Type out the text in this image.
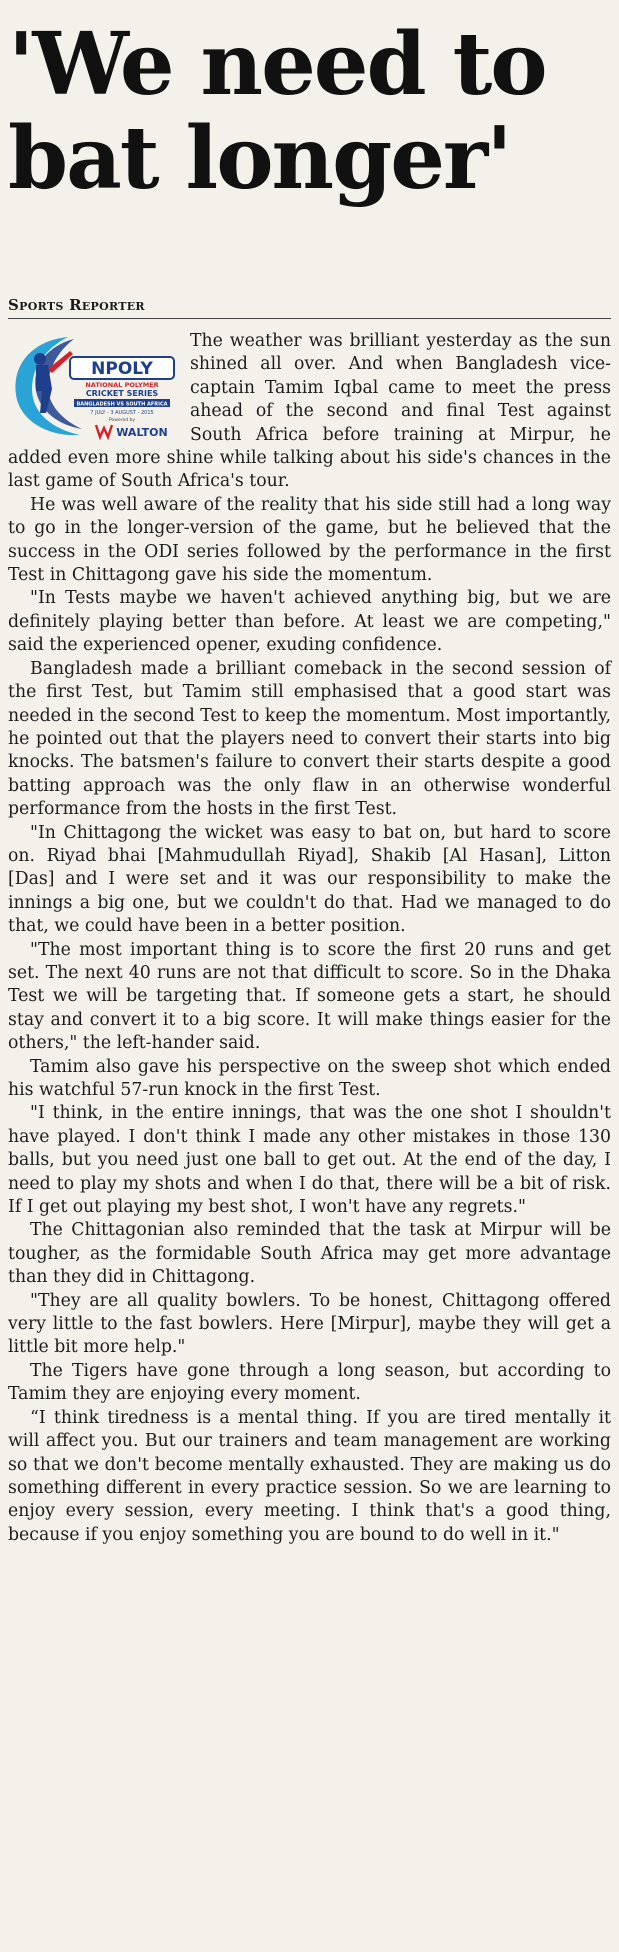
'We need to bat longer'
Sports Reporter
NPOLY
NATIONAL POLYMER
CRICKET SERIES
BANGLADESH VS SOUTH AFRICA
7 JULY - 3 AUGUST - 2015
Powered by
WALTON

The weather was brilliant yesterday as the sun shined all over. And when Bangladesh vice-captain Tamim Iqbal came to meet the press ahead of the second and final Test against South Africa before training at Mirpur, he added even more shine while talking about his side's chances in the last game of South Africa's tour.

He was well aware of the reality that his side still had a long way to go in the longer-version of the game, but he believed that the success in the ODI series followed by the performance in the first Test in Chittagong gave his side the momentum.

"In Tests maybe we haven't achieved anything big, but we are definitely playing better than before. At least we are competing," said the experienced opener, exuding confidence.

Bangladesh made a brilliant comeback in the second session of the first Test, but Tamim still emphasised that a good start was needed in the second Test to keep the momentum. Most importantly, he pointed out that the players need to convert their starts into big knocks. The batsmen's failure to convert their starts despite a good batting approach was the only flaw in an otherwise wonderful performance from the hosts in the first Test.

"In Chittagong the wicket was easy to bat on, but hard to score on. Riyad bhai [Mahmudullah Riyad], Shakib [Al Hasan], Litton [Das] and I were set and it was our responsibility to make the innings a big one, but we couldn't do that. Had we managed to do that, we could have been in a better position.

"The most important thing is to score the first 20 runs and get set. The next 40 runs are not that difficult to score. So in the Dhaka Test we will be targeting that. If someone gets a start, he should stay and convert it to a big score. It will make things easier for the others," the left-hander said.

Tamim also gave his perspective on the sweep shot which ended his watchful 57-run knock in the first Test.

"I think, in the entire innings, that was the one shot I shouldn't have played. I don't think I made any other mistakes in those 130 balls, but you need just one ball to get out. At the end of the day, I need to play my shots and when I do that, there will be a bit of risk. If I get out playing my best shot, I won't have any regrets."

The Chittagonian also reminded that the task at Mirpur will be tougher, as the formidable South Africa may get more advantage than they did in Chittagong.

"They are all quality bowlers. To be honest, Chittagong offered very little to the fast bowlers. Here [Mirpur], maybe they will get a little bit more help."

The Tigers have gone through a long season, but according to Tamim they are enjoying every moment.

“I think tiredness is a mental thing. If you are tired mentally it will affect you. But our trainers and team management are working so that we don't become mentally exhausted. They are making us do something different in every practice session. So we are learning to enjoy every session, every meeting. I think that's a good thing, because if you enjoy something you are bound to do well in it."
